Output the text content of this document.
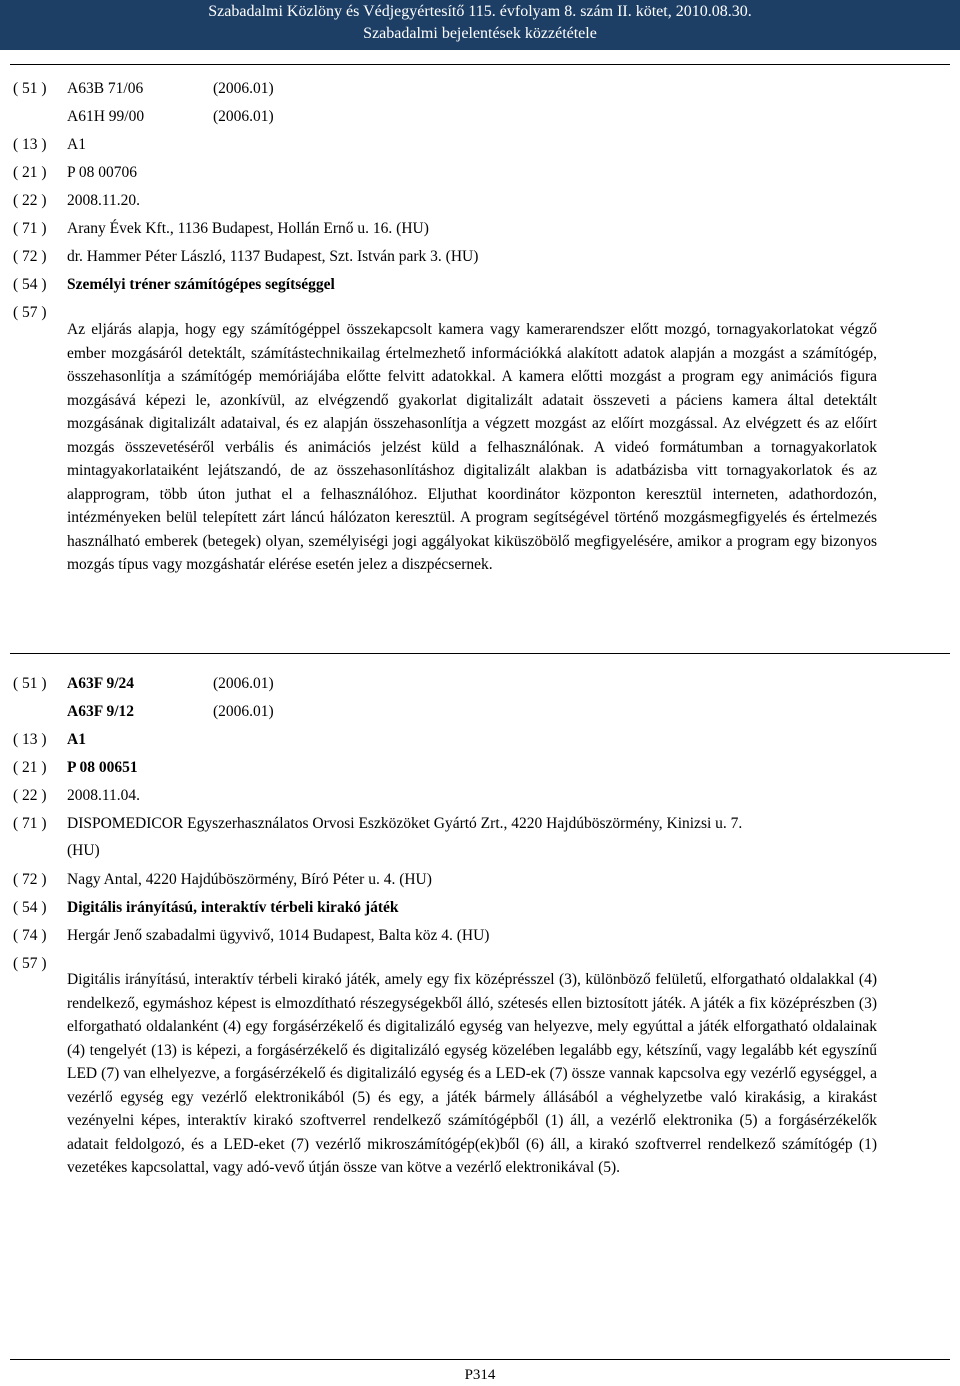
Szabadalmi Közlöny és Védjegyértesítő 115. évfolyam 8. szám II. kötet, 2010.08.30.
Szabadalmi bejelentések közzététele
( 51 )	A63B 71/06	(2006.01)
A61H 99/00	(2006.01)
( 13 )	A1
( 21 )	P 08 00706
( 22 )	2008.11.20.
( 71 )	Arany Évek Kft., 1136 Budapest, Hollán Ernő u. 16. (HU)
( 72 )	dr. Hammer Péter László, 1137 Budapest, Szt. István park 3. (HU)
( 54 )	Személyi tréner számítógépes segítséggel
( 57 )

Az eljárás alapja, hogy egy számítógéppel összekapcsolt kamera vagy kamerarendszer előtt mozgó, tornagyakorlatokat végző ember mozgásáról detektált, számítástechnikailag értelmezhető információkká alakított adatok alapján a mozgást a számítógép, összehasonlítja a számítógép memóriájába előtte felvitt adatokkal. A kamera előtti mozgást a program egy animációs figura mozgásává képezi le, azonkívül, az elvégzendő gyakorlat digitalizált adatait összeveti a páciens kamera által detektált mozgásának digitalizált adataival, és ez alapján összehasonlítja a végzett mozgást az előírt mozgással. Az elvégzett és az előírt mozgás összevetéséről verbális és animációs jelzést küld a felhasználónak. A videó formátumban a tornagyakorlatok mintagyakorlataiként lejátszandó, de az összehasonlításhoz digitalizált alakban is adatbázisba vitt tornagyakorlatok és az alapprogram, több úton juthat el a felhasználóhoz. Eljuthat koordinátor központon keresztül interneten, adathordozón, intézményeken belül telepített zárt láncú hálózaton keresztül. A program segítségével történő mozgásmegfigyelés és értelmezés használható emberek (betegek) olyan, személyiségi jogi aggályokat kiküszöbölő megfigyelésére, amikor a program egy bizonyos mozgás típus vagy mozgáshatár elérése esetén jelez a diszpécsernek.

( 51 )	A63F 9/24	(2006.01)
A63F 9/12	(2006.01)
( 13 )	A1
( 21 )	P 08 00651
( 22 )	2008.11.04.
( 71 )	DISPOMEDICOR Egyszerhasználatos Orvosi Eszközöket Gyártó Zrt., 4220 Hajdúböszörmény, Kinizsi u. 7.
(HU)
( 72 )	Nagy Antal, 4220 Hajdúböszörmény, Bíró Péter u. 4. (HU)
( 54 )	Digitális irányítású, interaktív térbeli kirakó játék
( 74 )	Hergár Jenő szabadalmi ügyvivő, 1014 Budapest, Balta köz 4. (HU)
( 57 )

Digitális irányítású, interaktív térbeli kirakó játék, amely egy fix középrésszel (3), különböző felületű, elforgatható oldalakkal (4) rendelkező, egymáshoz képest is elmozdítható részegységekből álló, szétesés ellen biztosított játék. A játék a fix középrészben (3) elforgatható oldalanként (4) egy forgásérzékelő és digitalizáló egység van helyezve, mely egyúttal a játék elforgatható oldalainak (4) tengelyét (13) is képezi, a forgásérzékelő és digitalizáló egység közelében legalább egy, kétszínű, vagy legalább két egyszínű LED (7) van elhelyezve, a forgásérzékelő és digitalizáló egység és a LED-ek (7) össze vannak kapcsolva egy vezérlő egységgel, a vezérlő egység egy vezérlő elektronikából (5) és egy, a játék bármely állásából a véghelyzetbe való kirakásig, a kirakást vezényelni képes, interaktív kirakó szoftverrel rendelkező számítógépből (1) áll, a vezérlő elektronika (5) a forgásérzékelők adatait feldolgozó, és a LED-eket (7) vezérlő mikroszámítógép(ek)ből (6) áll, a kirakó szoftverrel rendelkező számítógép (1) vezetékes kapcsolattal, vagy adó-vevő útján össze van kötve a vezérlő elektronikával (5).

P314
